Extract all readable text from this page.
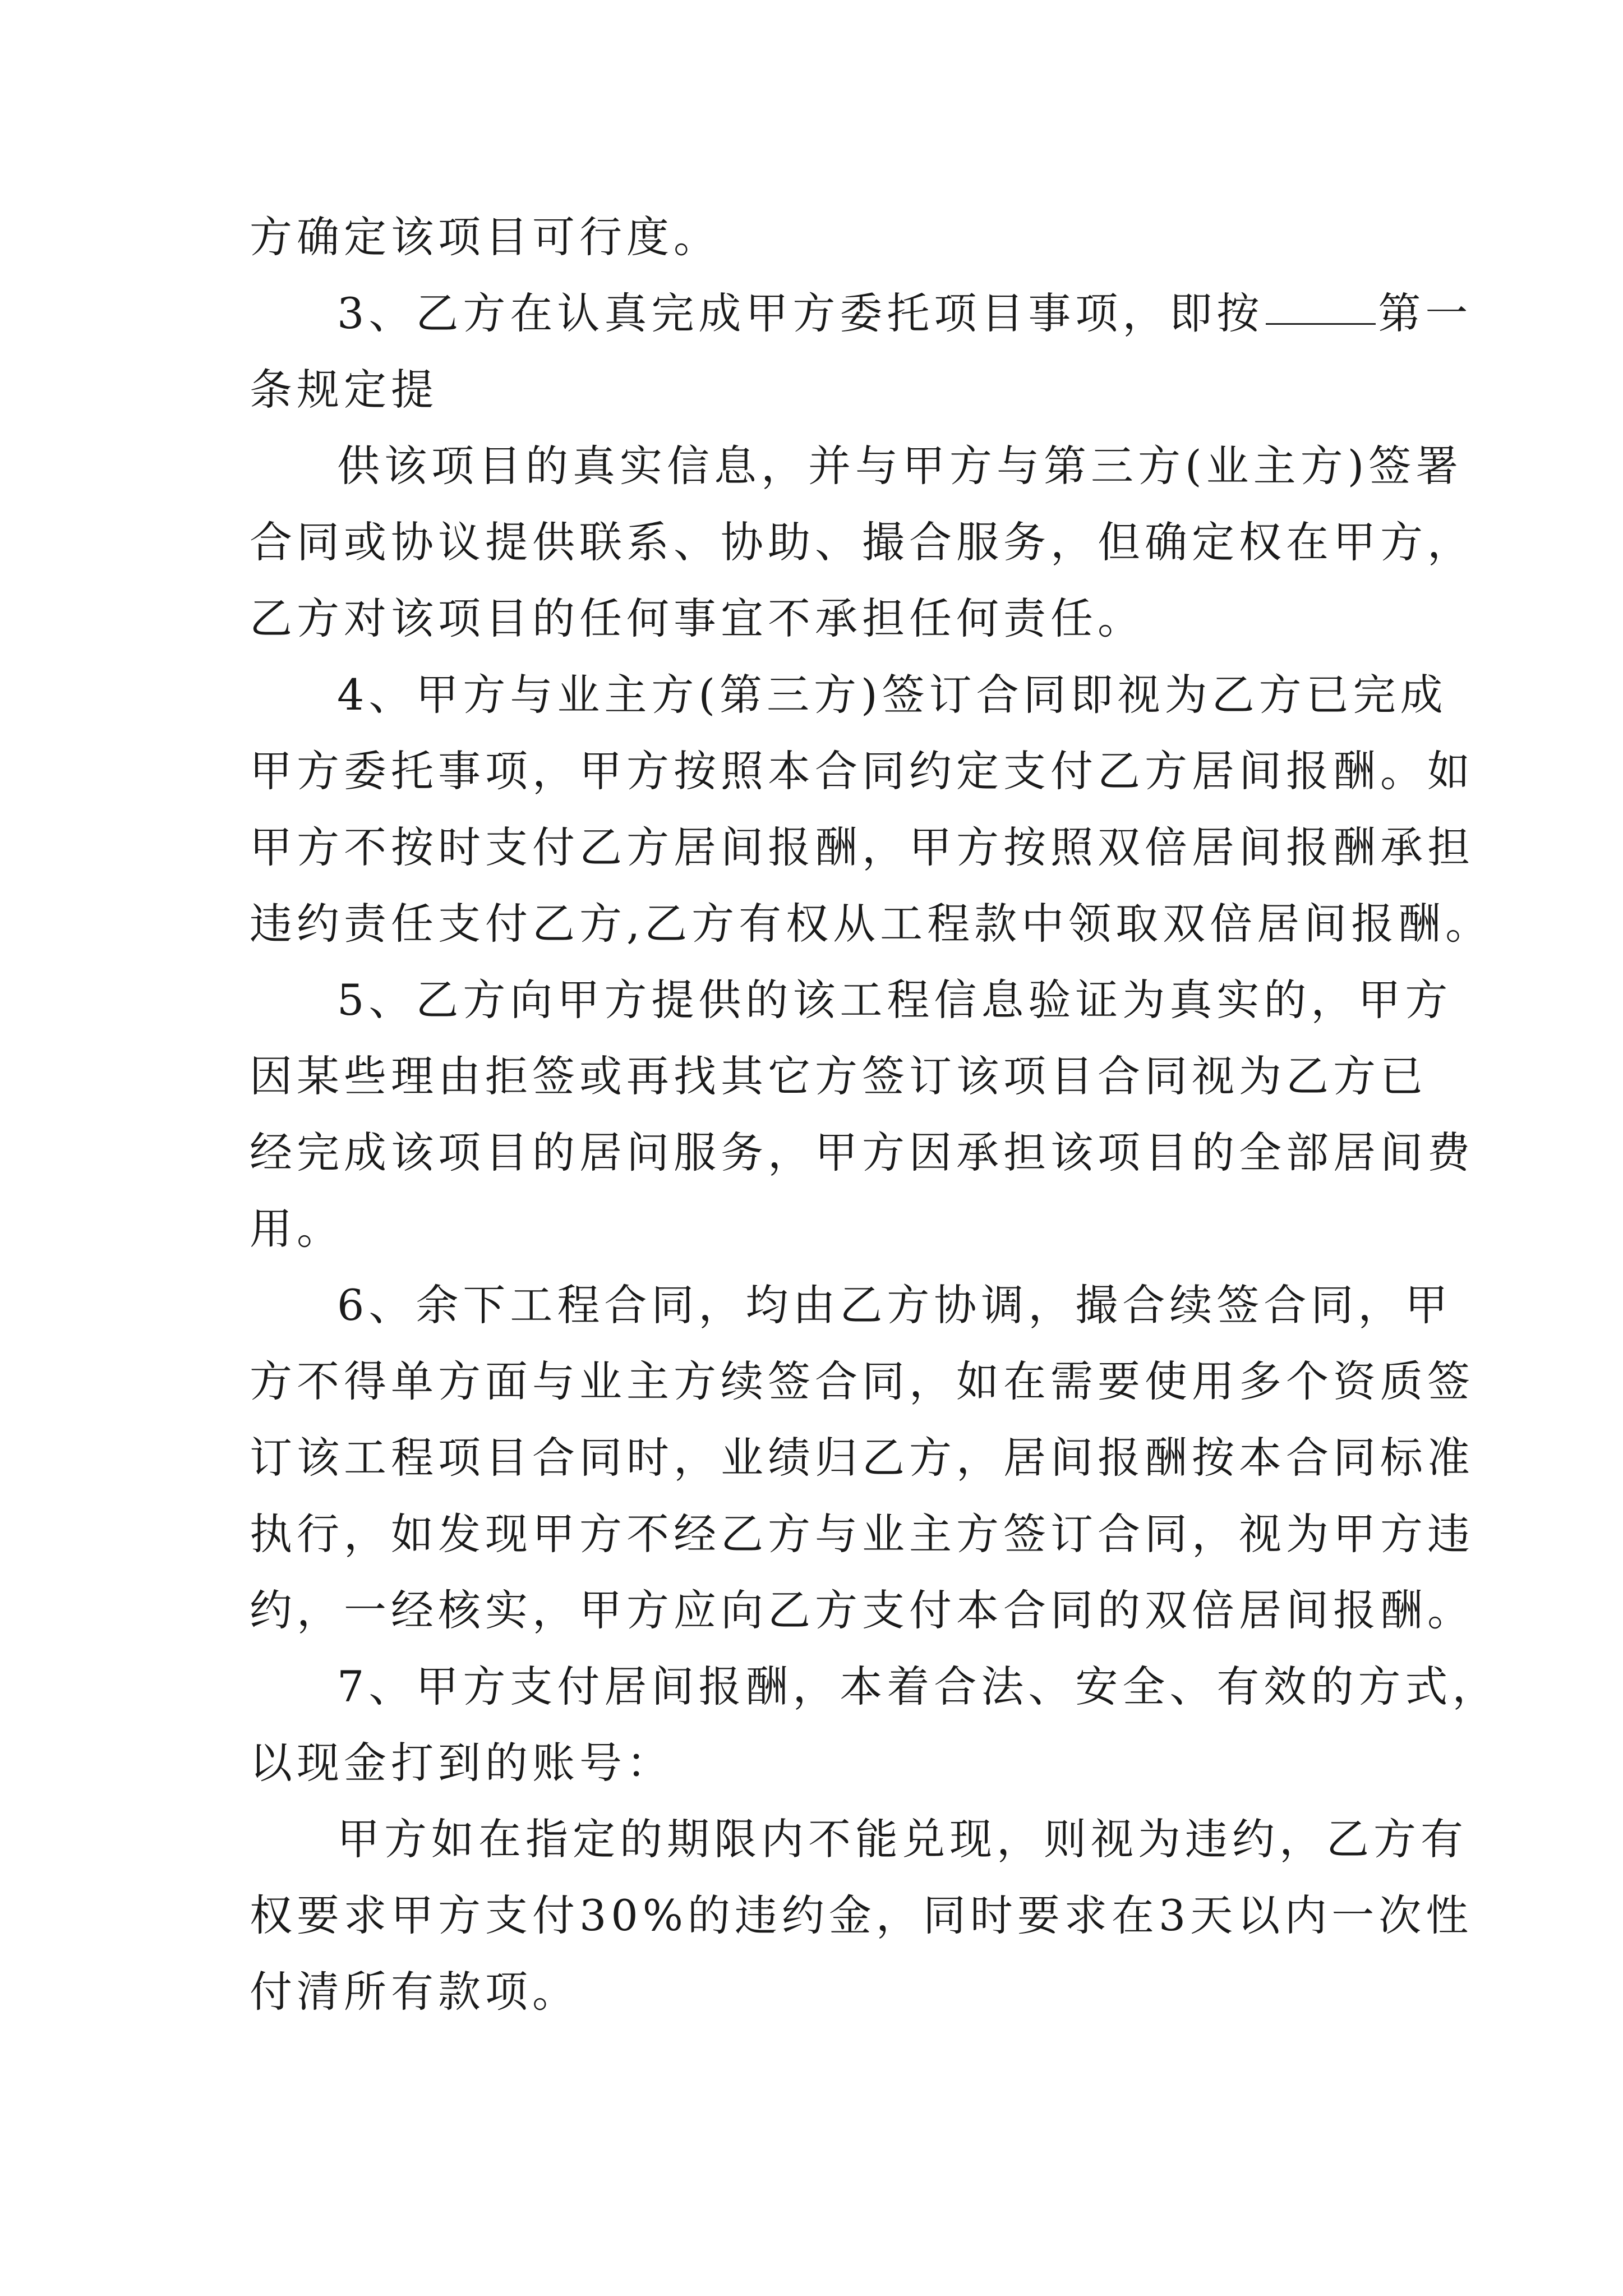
方确定该项目可行度。
3、乙方在认真完成甲方委托项目事项，即按	第一
条规定提
供该项目的真实信息，并与甲方与第三方(业主方)签署
合同或协议提供联系、协助、撮合服务，但确定权在甲方，
乙方对该项目的任何事宜不承担任何责任。
4、甲方与业主方(第三方)签订合同即视为乙方已完成
甲方委托事项，甲方按照本合同约定支付乙方居间报酬。如
甲方不按时支付乙方居间报酬，甲方按照双倍居间报酬承担
违约责任支付乙方,乙方有权从工程款中领取双倍居间报酬。
5、乙方向甲方提供的该工程信息验证为真实的，甲方
因某些理由拒签或再找其它方签订该项目合同视为乙方已
经完成该项目的居问服务，甲方因承担该项目的全部居间费
用。
6、余下工程合同，均由乙方协调，撮合续签合同，甲
方不得单方面与业主方续签合同，如在需要使用多个资质签
订该工程项目合同时，业绩归乙方，居间报酬按本合同标准
执行，如发现甲方不经乙方与业主方签订合同，视为甲方违
约，一经核实，甲方应向乙方支付本合同的双倍居间报酬。
7、甲方支付居间报酬，本着合法、安全、有效的方式，
以现金打到的账号：
甲方如在指定的期限内不能兑现，则视为违约，乙方有
权要求甲方支付30%的违约金，同时要求在3天以内一次性
付清所有款项。
